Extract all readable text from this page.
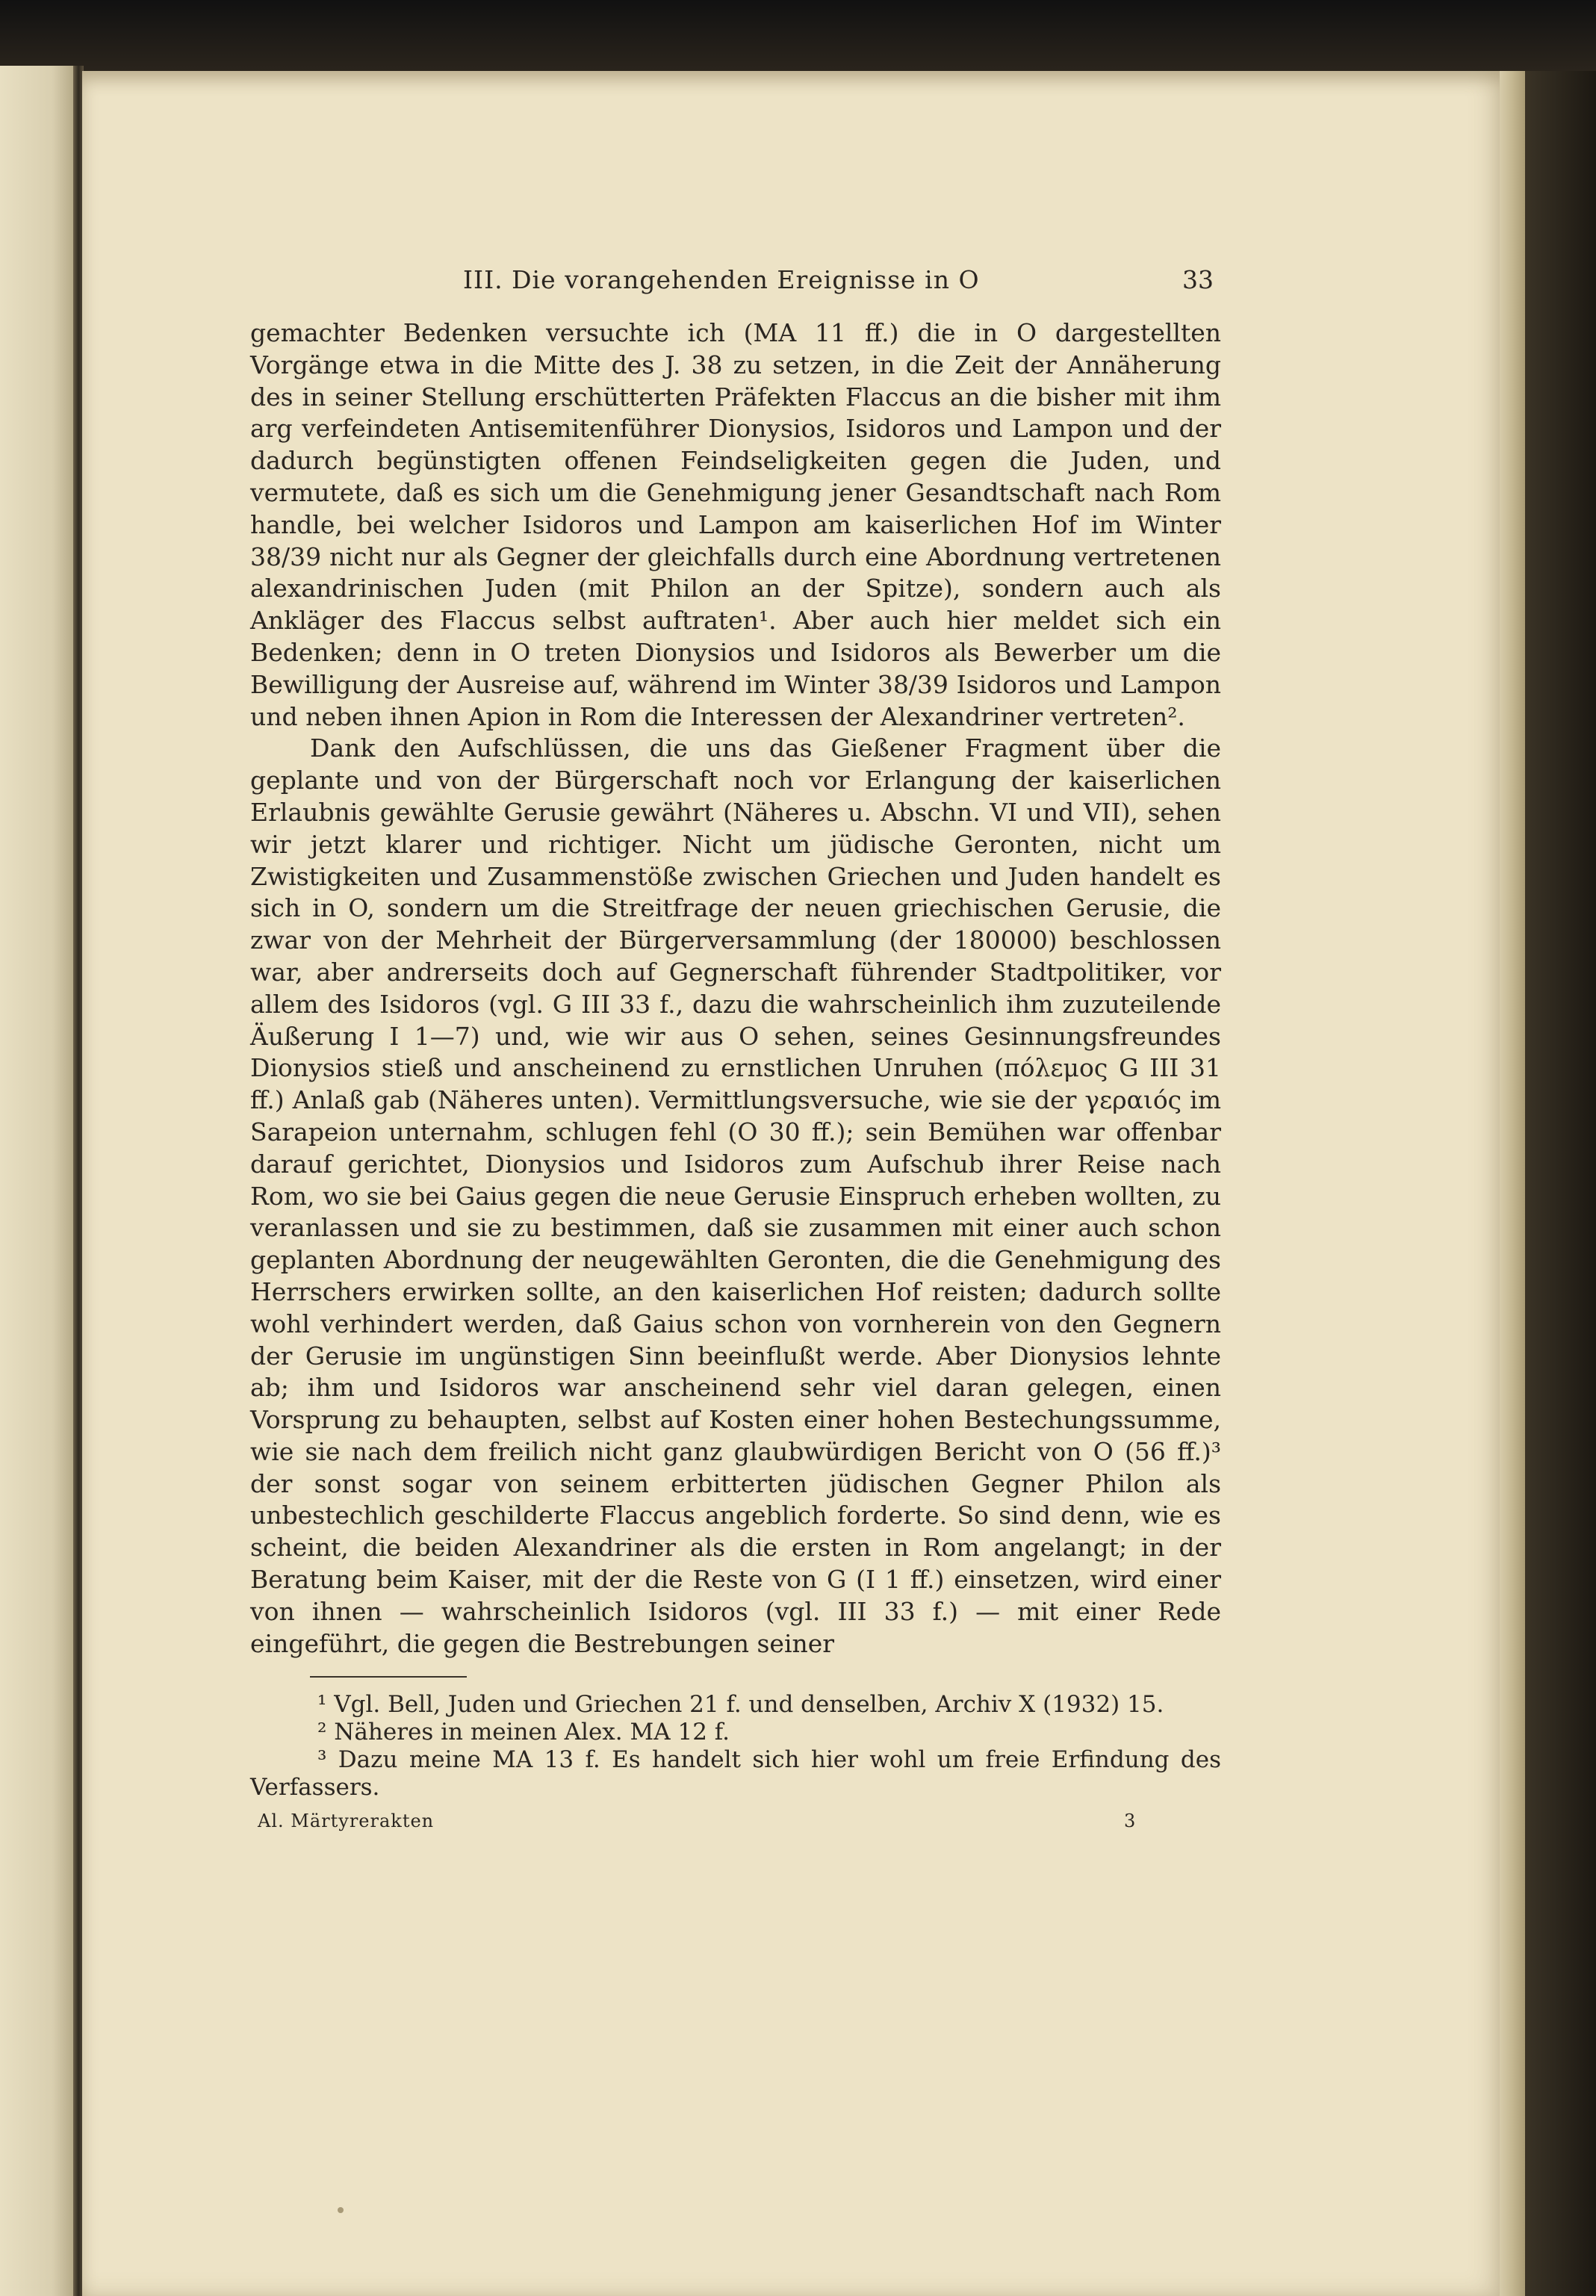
III. Die vorangehenden Ereignisse in O	33

gemachter Bedenken versuchte ich (MA 11 ff.) die in O dargestellten Vorgänge etwa in die Mitte des J. 38 zu setzen, in die Zeit der Annäherung des in seiner Stellung erschütterten Präfekten Flaccus an die bisher mit ihm arg verfeindeten Antisemitenführer Dionysios, Isidoros und Lampon und der dadurch begünstigten offenen Feindseligkeiten gegen die Juden, und vermutete, daß es sich um die Genehmigung jener Gesandtschaft nach Rom handle, bei welcher Isidoros und Lampon am kaiserlichen Hof im Winter 38/39 nicht nur als Gegner der gleichfalls durch eine Abordnung vertretenen alexandrinischen Juden (mit Philon an der Spitze), sondern auch als Ankläger des Flaccus selbst auftraten¹. Aber auch hier meldet sich ein Bedenken; denn in O treten Dionysios und Isidoros als Bewerber um die Bewilligung der Ausreise auf, während im Winter 38/39 Isidoros und Lampon und neben ihnen Apion in Rom die Interessen der Alexandriner vertreten².

Dank den Aufschlüssen, die uns das Gießener Fragment über die geplante und von der Bürgerschaft noch vor Erlangung der kaiserlichen Erlaubnis gewählte Gerusie gewährt (Näheres u. Abschn. VI und VII), sehen wir jetzt klarer und richtiger. Nicht um jüdische Geronten, nicht um Zwistigkeiten und Zusammenstöße zwischen Griechen und Juden handelt es sich in O, sondern um die Streitfrage der neuen griechischen Gerusie, die zwar von der Mehrheit der Bürgerversammlung (der 180000) beschlossen war, aber andrerseits doch auf Gegnerschaft führender Stadtpolitiker, vor allem des Isidoros (vgl. G III 33 f., dazu die wahrscheinlich ihm zuzuteilende Äußerung I 1—7) und, wie wir aus O sehen, seines Gesinnungsfreundes Dionysios stieß und anscheinend zu ernstlichen Unruhen (πόλεμος G III 31 ff.) Anlaß gab (Näheres unten). Vermittlungsversuche, wie sie der γεραιός im Sarapeion unternahm, schlugen fehl (O 30 ff.); sein Bemühen war offenbar darauf gerichtet, Dionysios und Isidoros zum Aufschub ihrer Reise nach Rom, wo sie bei Gaius gegen die neue Gerusie Einspruch erheben wollten, zu veranlassen und sie zu bestimmen, daß sie zusammen mit einer auch schon geplanten Abordnung der neugewählten Geronten, die die Genehmigung des Herrschers erwirken sollte, an den kaiserlichen Hof reisten; dadurch sollte wohl verhindert werden, daß Gaius schon von vornherein von den Gegnern der Gerusie im ungünstigen Sinn beeinflußt werde. Aber Dionysios lehnte ab; ihm und Isidoros war anscheinend sehr viel daran gelegen, einen Vorsprung zu behaupten, selbst auf Kosten einer hohen Bestechungssumme, wie sie nach dem freilich nicht ganz glaubwürdigen Bericht von O (56 ff.)³ der sonst sogar von seinem erbitterten jüdischen Gegner Philon als unbestechlich geschilderte Flaccus angeblich forderte. So sind denn, wie es scheint, die beiden Alexandriner als die ersten in Rom angelangt; in der Beratung beim Kaiser, mit der die Reste von G (I 1 ff.) einsetzen, wird einer von ihnen — wahrscheinlich Isidoros (vgl. III 33 f.) — mit einer Rede eingeführt, die gegen die Bestrebungen seiner

¹ Vgl. Bell, Juden und Griechen 21 f. und denselben, Archiv X (1932) 15.

² Näheres in meinen Alex. MA 12 f.

³ Dazu meine MA 13 f. Es handelt sich hier wohl um freie Erfindung des Verfassers.

Al. Märtyrerakten	3
